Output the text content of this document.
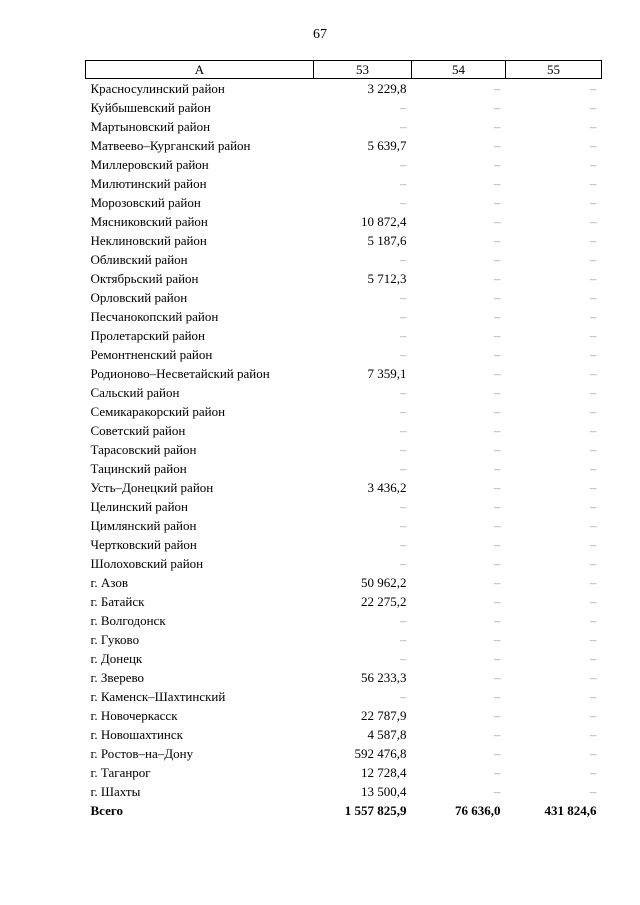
67
А	53	54	55
Красносулинский район	3 229,8	–	–
Куйбышевский район	–	–	–
Мартыновский район	–	–	–
Матвеево–Курганский район	5 639,7	–	–
Миллеровский район	–	–	–
Милютинский район	–	–	–
Морозовский район	–	–	–
Мясниковский район	10 872,4	–	–
Неклиновский район	5 187,6	–	–
Обливский район	–	–	–
Октябрьский район	5 712,3	–	–
Орловский район	–	–	–
Песчанокопский район	–	–	–
Пролетарский район	–	–	–
Ремонтненский район	–	–	–
Родионово–Несветайский район	7 359,1	–	–
Сальский район	–	–	–
Семикаракорский район	–	–	–
Советский район	–	–	–
Тарасовский район	–	–	–
Тацинский район	–	–	–
Усть–Донецкий район	3 436,2	–	–
Целинский район	–	–	–
Цимлянский район	–	–	–
Чертковский район	–	–	–
Шолоховский район	–	–	–
г. Азов	50 962,2	–	–
г. Батайск	22 275,2	–	–
г. Волгодонск	–	–	–
г. Гуково	–	–	–
г. Донецк	–	–	–
г. Зверево	56 233,3	–	–
г. Каменск–Шахтинский	–	–	–
г. Новочеркасск	22 787,9	–	–
г. Новошахтинск	4 587,8	–	–
г. Ростов–на–Дону	592 476,8	–	–
г. Таганрог	12 728,4	–	–
г. Шахты	13 500,4	–	–
Всего	1 557 825,9	76 636,0	431 824,6
